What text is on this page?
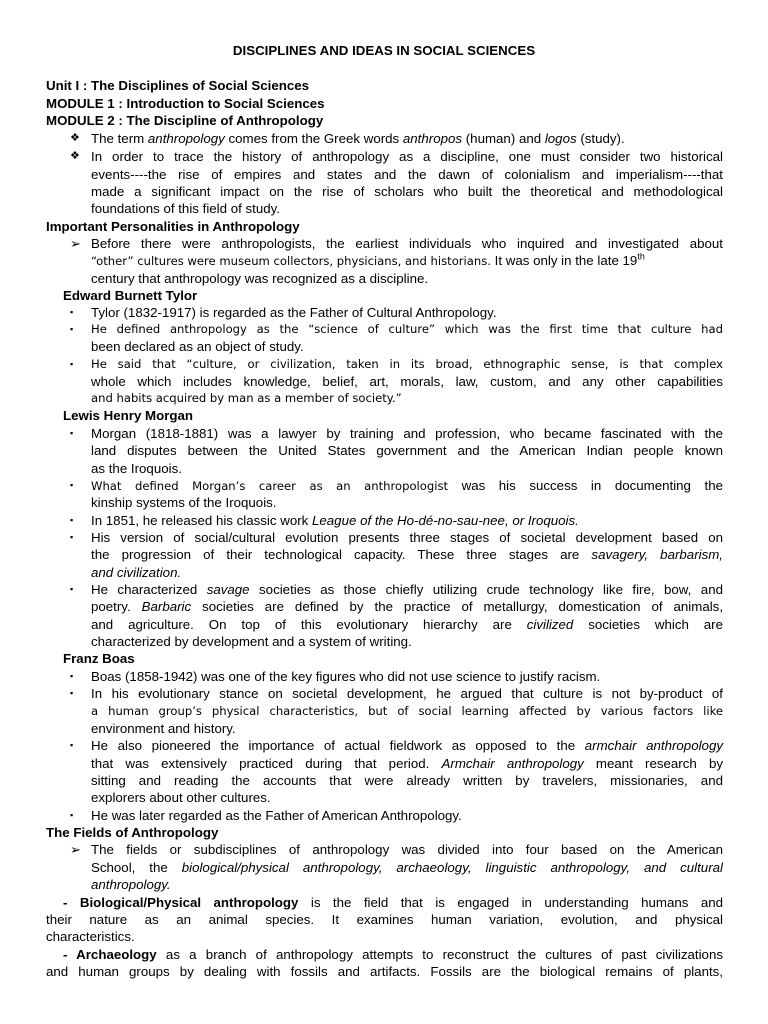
DISCIPLINES AND IDEAS IN SOCIAL SCIENCES
Unit I : The Disciplines of Social Sciences
MODULE 1 : Introduction to Social Sciences
MODULE 2 : The Discipline of Anthropology
❖ The term anthropology comes from the Greek words anthropos (human) and logos (study).
❖ In order to trace the history of anthropology as a discipline, one must consider two historical
events----the rise of empires and states and the dawn of colonialism and imperialism----that
made a significant impact on the rise of scholars who built the theoretical and methodological
foundations of this field of study.
Important Personalities in Anthropology
➢ Before there were anthropologists, the earliest individuals who inquired and investigated about
“other” cultures were museum collectors, physicians, and historians. It was only in the late 19th
century that anthropology was recognized as a discipline.
Edward Burnett Tylor
▪ Tylor (1832-1917) is regarded as the Father of Cultural Anthropology.
▪ He defined anthropology as the “science of culture” which was the first time that culture had
been declared as an object of study.
▪ He said that “culture, or civilization, taken in its broad, ethnographic sense, is that complex
whole which includes knowledge, belief, art, morals, law, custom, and any other capabilities
and habits acquired by man as a member of society.”
Lewis Henry Morgan
▪ Morgan (1818-1881) was a lawyer by training and profession, who became fascinated with the
land disputes between the United States government and the American Indian people known
as the Iroquois.
▪ What defined Morgan’s career as an anthropologist was his success in documenting the
kinship systems of the Iroquois.
▪ In 1851, he released his classic work League of the Ho-dé-no-sau-nee, or Iroquois.
▪ His version of social/cultural evolution presents three stages of societal development based on
the progression of their technological capacity. These three stages are savagery, barbarism,
and civilization.
▪ He characterized savage societies as those chiefly utilizing crude technology like fire, bow, and
poetry. Barbaric societies are defined by the practice of metallurgy, domestication of animals,
and agriculture. On top of this evolutionary hierarchy are civilized societies which are
characterized by development and a system of writing.
Franz Boas
▪ Boas (1858-1942) was one of the key figures who did not use science to justify racism.
▪ In his evolutionary stance on societal development, he argued that culture is not by-product of
a human group’s physical characteristics, but of social learning affected by various factors like
environment and history.
▪ He also pioneered the importance of actual fieldwork as opposed to the armchair anthropology
that was extensively practiced during that period. Armchair anthropology meant research by
sitting and reading the accounts that were already written by travelers, missionaries, and
explorers about other cultures.
▪ He was later regarded as the Father of American Anthropology.
The Fields of Anthropology
➢ The fields or subdisciplines of anthropology was divided into four based on the American
School, the biological/physical anthropology, archaeology, linguistic anthropology, and cultural
anthropology.
- Biological/Physical anthropology is the field that is engaged in understanding humans and
their nature as an animal species. It examines human variation, evolution, and physical
characteristics.
- Archaeology as a branch of anthropology attempts to reconstruct the cultures of past civilizations
and human groups by dealing with fossils and artifacts. Fossils are the biological remains of plants,
